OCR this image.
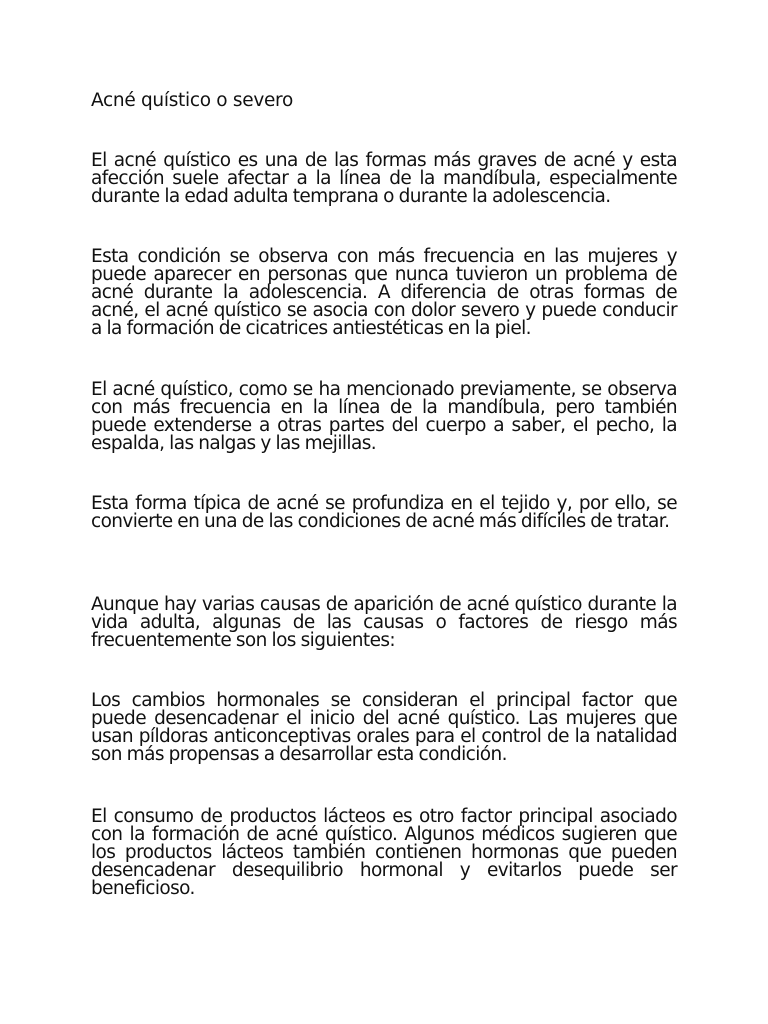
Acné quístico o severo

El acné quístico es una de las formas más graves de acné y esta afección suele afectar a la línea de la mandíbula, especialmente durante la edad adulta temprana o durante la adolescencia.

Esta condición se observa con más frecuencia en las mujeres y puede aparecer en personas que nunca tuvieron un problema de acné durante la adolescencia. A diferencia de otras formas de acné, el acné quístico se asocia con dolor severo y puede conducir a la formación de cicatrices antiestéticas en la piel.

El acné quístico, como se ha mencionado previamente, se observa con más frecuencia en la línea de la mandíbula, pero también puede extenderse a otras partes del cuerpo a saber, el pecho, la espalda, las nalgas y las mejillas.

Esta forma típica de acné se profundiza en el tejido y, por ello, se convierte en una de las condiciones de acné más difíciles de tratar.

Aunque hay varias causas de aparición de acné quístico durante la vida adulta, algunas de las causas o factores de riesgo más frecuentemente son los siguientes:

Los cambios hormonales se consideran el principal factor que puede desencadenar el inicio del acné quístico. Las mujeres que usan píldoras anticonceptivas orales para el control de la natalidad son más propensas a desarrollar esta condición.

El consumo de productos lácteos es otro factor principal asociado con la formación de acné quístico. Algunos médicos sugieren que los productos lácteos también contienen hormonas que pueden desencadenar desequilibrio hormonal y evitarlos puede ser beneficioso.
